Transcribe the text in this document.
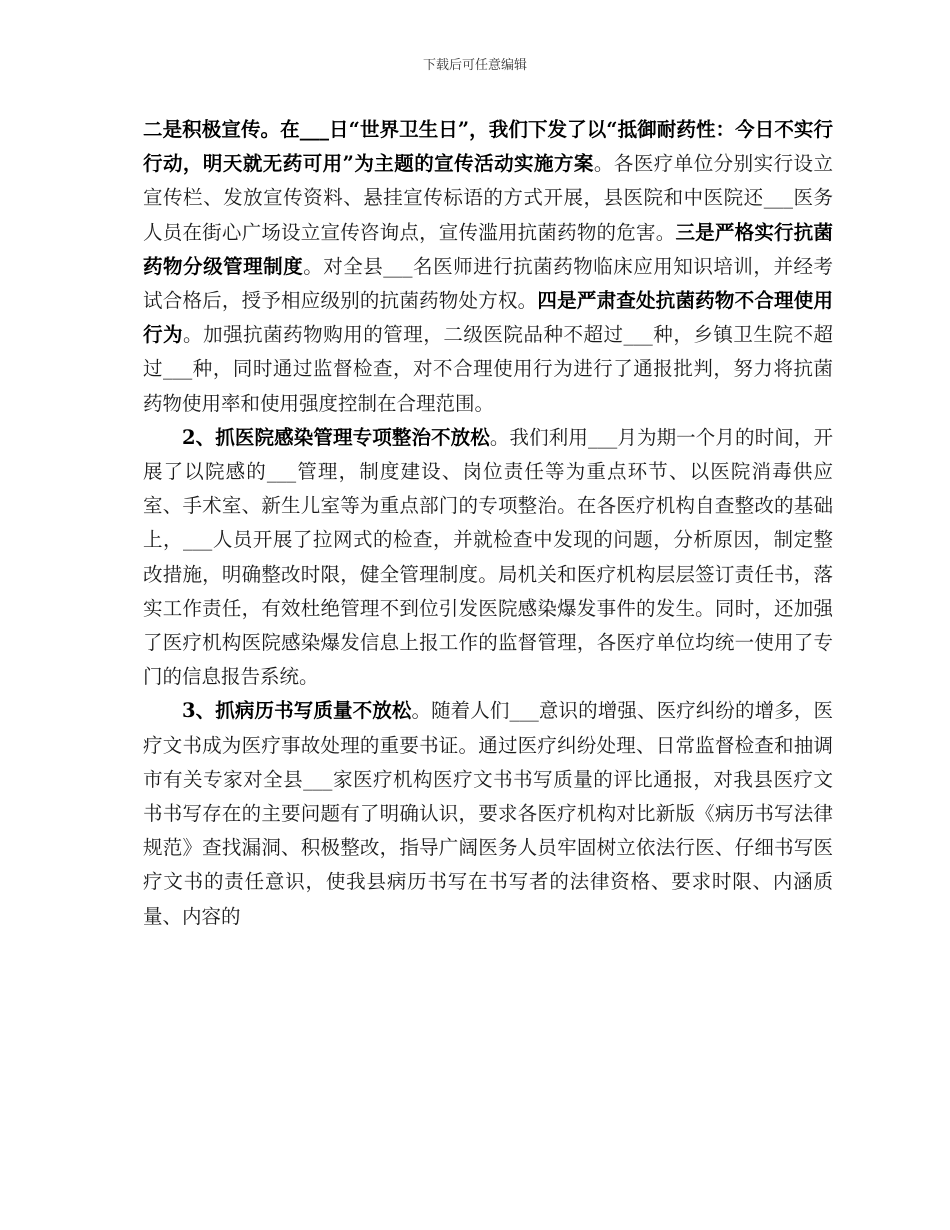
下载后可任意编辑

二是积极宣传。在___日“世界卫生日”，我们下发了以“抵御耐药性：今日不实行行动，明天就无药可用”为主题的宣传活动实施方案。各医疗单位分别实行设立宣传栏、发放宣传资料、悬挂宣传标语的方式开展，县医院和中医院还___医务人员在街心广场设立宣传咨询点，宣传滥用抗菌药物的危害。三是严格实行抗菌药物分级管理制度。对全县___名医师进行抗菌药物临床应用知识培训，并经考试合格后，授予相应级别的抗菌药物处方权。四是严肃查处抗菌药物不合理使用行为。加强抗菌药物购用的管理，二级医院品种不超过___种，乡镇卫生院不超过___种，同时通过监督检查，对不合理使用行为进行了通报批判，努力将抗菌药物使用率和使用强度控制在合理范围。

2、抓医院感染管理专项整治不放松。我们利用___月为期一个月的时间，开展了以院感的___管理，制度建设、岗位责任等为重点环节、以医院消毒供应室、手术室、新生儿室等为重点部门的专项整治。在各医疗机构自查整改的基础上，___人员开展了拉网式的检查，并就检查中发现的问题，分析原因，制定整改措施，明确整改时限，健全管理制度。局机关和医疗机构层层签订责任书，落实工作责任，有效杜绝管理不到位引发医院感染爆发事件的发生。同时，还加强了医疗机构医院感染爆发信息上报工作的监督管理，各医疗单位均统一使用了专门的信息报告系统。

3、抓病历书写质量不放松。随着人们___意识的增强、医疗纠纷的增多，医疗文书成为医疗事故处理的重要书证。通过医疗纠纷处理、日常监督检查和抽调市有关专家对全县___家医疗机构医疗文书书写质量的评比通报，对我县医疗文书书写存在的主要问题有了明确认识，要求各医疗机构对比新版《病历书写法律规范》查找漏洞、积极整改，指导广阔医务人员牢固树立依法行医、仔细书写医疗文书的责任意识，使我县病历书写在书写者的法律资格、要求时限、内涵质量、内容的
